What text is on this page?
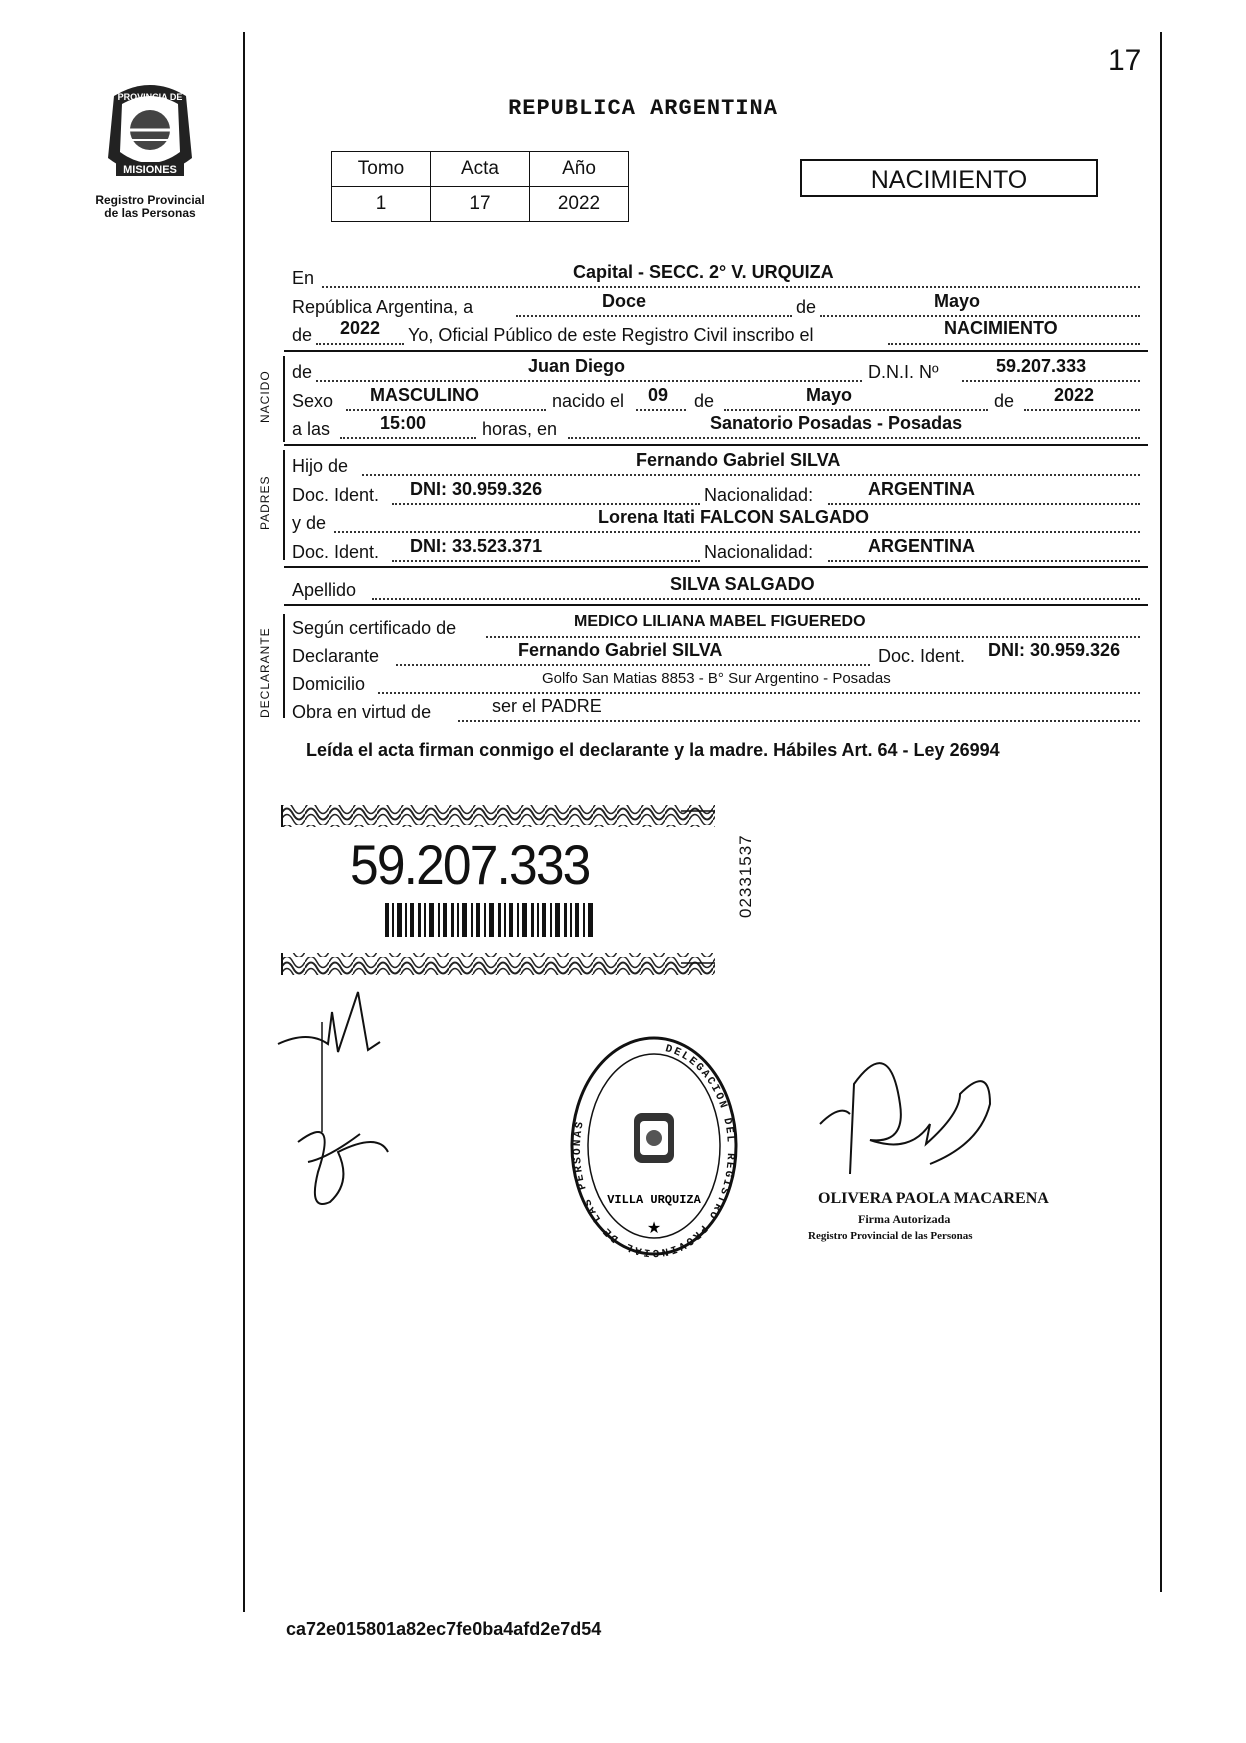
17
MISIONES
PROVINCIA DE
Registro Provincial
de las Personas
REPUBLICA ARGENTINA
Tomo	Acta	Año
1	17	2022
NACIMIENTO
En	Capital - SECC. 2° V. URQUIZA
República Argentina, a	Doce	de	Mayo
de 2022 Yo, Oficial Público de este Registro Civil inscribo el	NACIMIENTO
NACIDO de	Juan Diego	D.N.I. Nº	59.207.333
Sexo MASCULINO	nacido el 09 de	Mayo	de 2022
a las	15:00	horas, en	Sanatorio Posadas - Posadas
PADRES
Hijo de	Fernando Gabriel SILVA
Doc. Ident. DNI: 30.959.326	Nacionalidad:	ARGENTINA
y de	Lorena Itati FALCON SALGADO
Doc. Ident. DNI: 33.523.371	Nacionalidad:	ARGENTINA
Apellido	SILVA SALGADO
DECLARANTE Según certificado de	MEDICO LILIANA MABEL FIGUEREDO
Declarante	Fernando Gabriel SILVA	Doc. Ident. DNI: 30.959.326
Domicilio	Golfo San Matias 8853 - B° Sur Argentino - Posadas
Obra en virtud de	ser el PADRE
Leída el acta firman conmigo el declarante y la madre. Hábiles Art. 64 - Ley 26994
59.207.333	02331537
DELEGACION DEL REGISTRO PROVINCIAL DE LAS PERSONAS
VILLA URQUIZA
★
OLIVERA PAOLA MACARENA
Firma Autorizada
Registro Provincial de las Personas
ca72e015801a82ec7fe0ba4afd2e7d54
